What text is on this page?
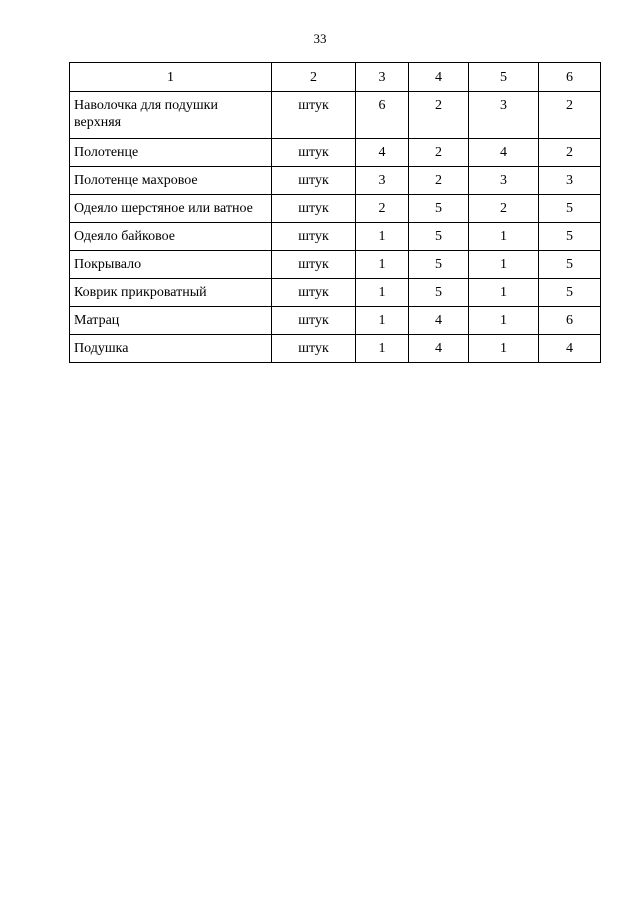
33
1	2	3	4	5	6
Наволочка для подушки верхняя	штук	6	2	3	2
Полотенце	штук	4	2	4	2
Полотенце махровое	штук	3	2	3	3
Одеяло шерстяное или ватное	штук	2	5	2	5
Одеяло байковое	штук	1	5	1	5
Покрывало	штук	1	5	1	5
Коврик прикроватный	штук	1	5	1	5
Матрац	штук	1	4	1	6
Подушка	штук	1	4	1	4
